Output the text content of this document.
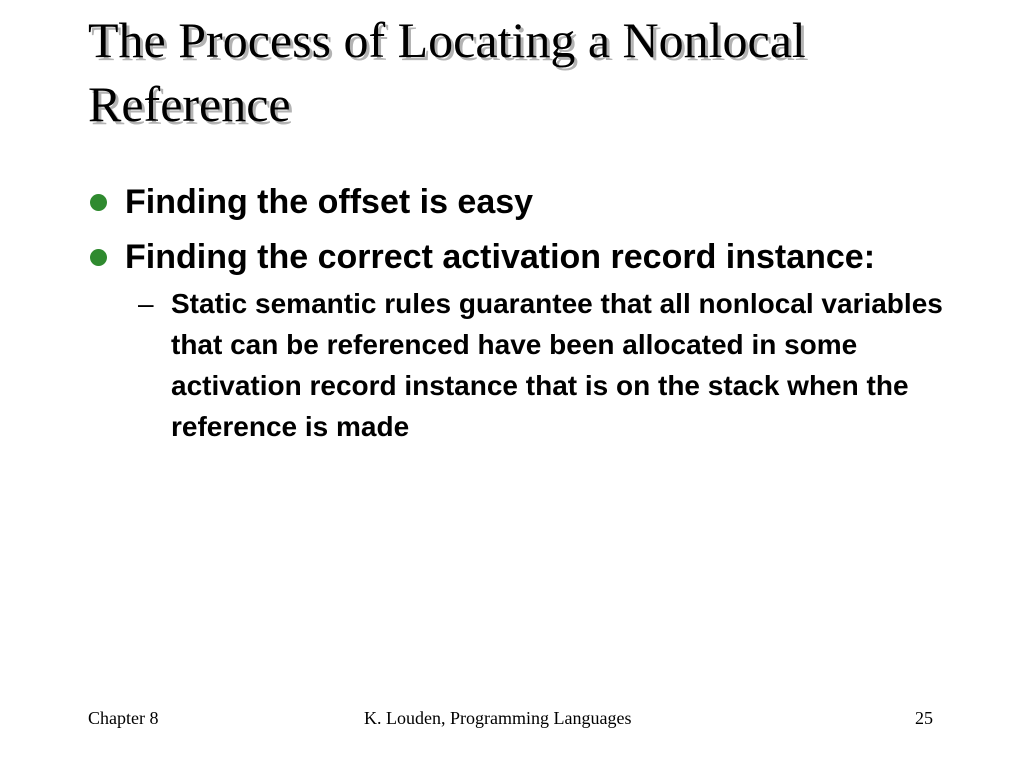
The Process of Locating a Nonlocal Reference
Finding the offset is easy
Finding the correct activation record instance:
– Static semantic rules guarantee that all nonlocal variables that can be referenced have been allocated in some activation record instance that is on the stack when the reference is made
Chapter 8	K. Louden, Programming Languages	25
